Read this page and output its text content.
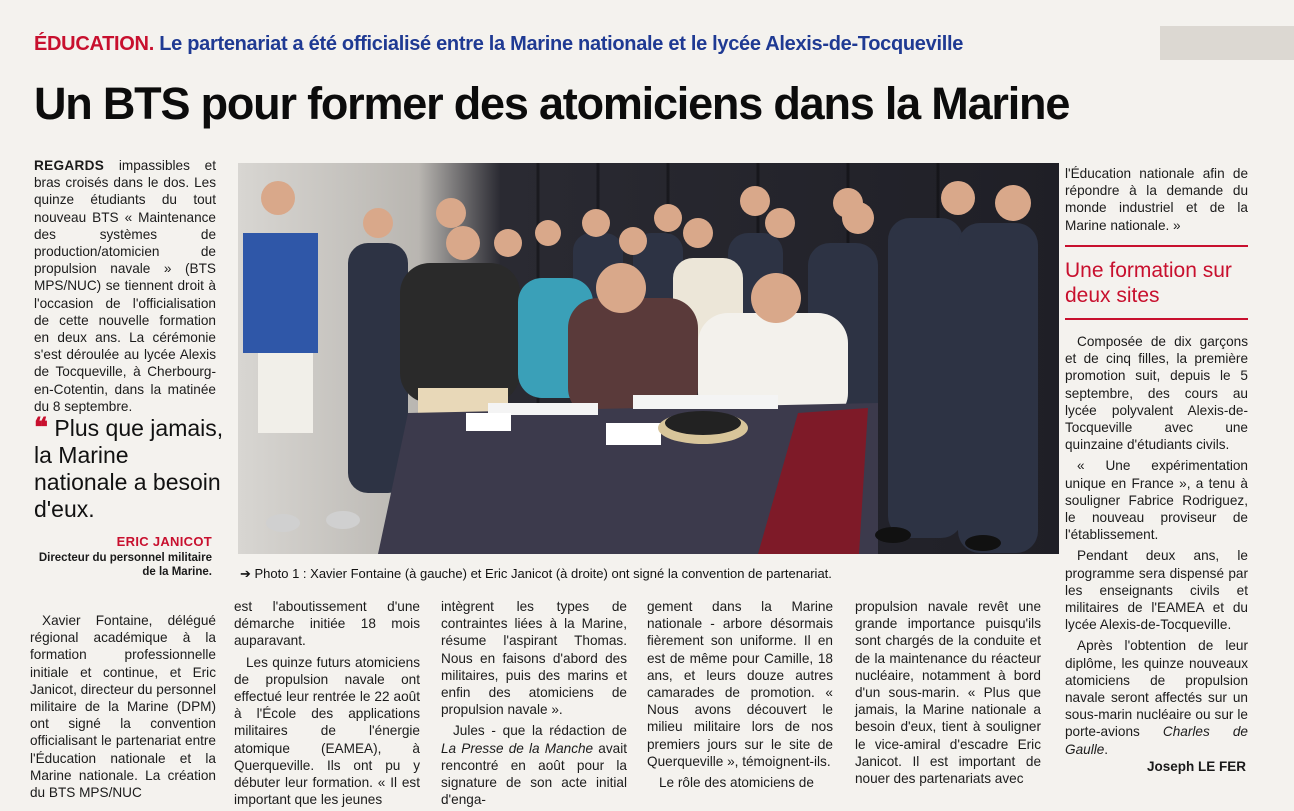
ÉDUCATION. Le partenariat a été officialisé entre la Marine nationale et le lycée Alexis-de-Tocqueville
Un BTS pour former des atomiciens dans la Marine

REGARDS impassibles et bras croisés dans le dos. Les quinze étudiants du tout nouveau BTS « Maintenance des systèmes de production/atomicien de propulsion navale » (BTS MPS/NUC) se tiennent droit à l'occasion de l'officialisation de cette nouvelle formation en deux ans. La cérémonie s'est déroulée au lycée Alexis de Tocqueville, à Cherbourg-en-Cotentin, dans la matinée du 8 septembre.

❝ Plus que jamais, la Marine nationale a besoin d'eux.
ERIC JANICOT
Directeur du personnel militaire de la Marine. ➔ Photo 1 : Xavier Fontaine (à gauche) et Eric Janicot (à droite) ont signé la convention de partenariat.

Xavier Fontaine, délégué régional académique à la formation professionnelle initiale et continue, et Eric Janicot, directeur du personnel militaire de la Marine (DPM) ont signé la convention officialisant le partenariat entre l'Éducation nationale et la Marine nationale. La création du BTS MPS/NUC

est l'aboutissement d'une démarche initiée 18 mois auparavant.

Les quinze futurs atomiciens de propulsion navale ont effectué leur rentrée le 22 août à l'École des applications militaires de l'énergie atomique (EAMEA), à Querqueville. Ils ont pu y débuter leur formation. « Il est important que les jeunes

intègrent les types de contraintes liées à la Marine, résume l'aspirant Thomas. Nous en faisons d'abord des militaires, puis des marins et enfin des atomiciens de propulsion navale ».

Jules - que la rédaction de La Presse de la Manche avait rencontré en août pour la signature de son acte initial d'enga-

gement dans la Marine nationale - arbore désormais fièrement son uniforme. Il en est de même pour Camille, 18 ans, et leurs douze autres camarades de promotion. « Nous avons découvert le milieu militaire lors de nos premiers jours sur le site de Querqueville », témoignent-ils.

Le rôle des atomiciens de

propulsion navale revêt une grande importance puisqu'ils sont chargés de la conduite et de la maintenance du réacteur nucléaire, notamment à bord d'un sous-marin. « Plus que jamais, la Marine nationale a besoin d'eux, tient à souligner le vice-amiral d'escadre Eric Janicot. Il est important de nouer des partenariats avec

l'Éducation nationale afin de répondre à la demande du monde industriel et de la Marine nationale. »

Une formation sur deux sites

Composée de dix garçons et de cinq filles, la première promotion suit, depuis le 5 septembre, des cours au lycée polyvalent Alexis-de-Tocqueville avec une quinzaine d'étudiants civils.

« Une expérimentation unique en France », a tenu à souligner Fabrice Rodriguez, le nouveau proviseur de l'établissement.

Pendant deux ans, le programme sera dispensé par les enseignants civils et militaires de l'EAMEA et du lycée Alexis-de-Tocqueville.

Après l'obtention de leur diplôme, les quinze nouveaux atomiciens de propulsion navale seront affectés sur un sous-marin nucléaire ou sur le porte-avions Charles de Gaulle.

Joseph LE FER
